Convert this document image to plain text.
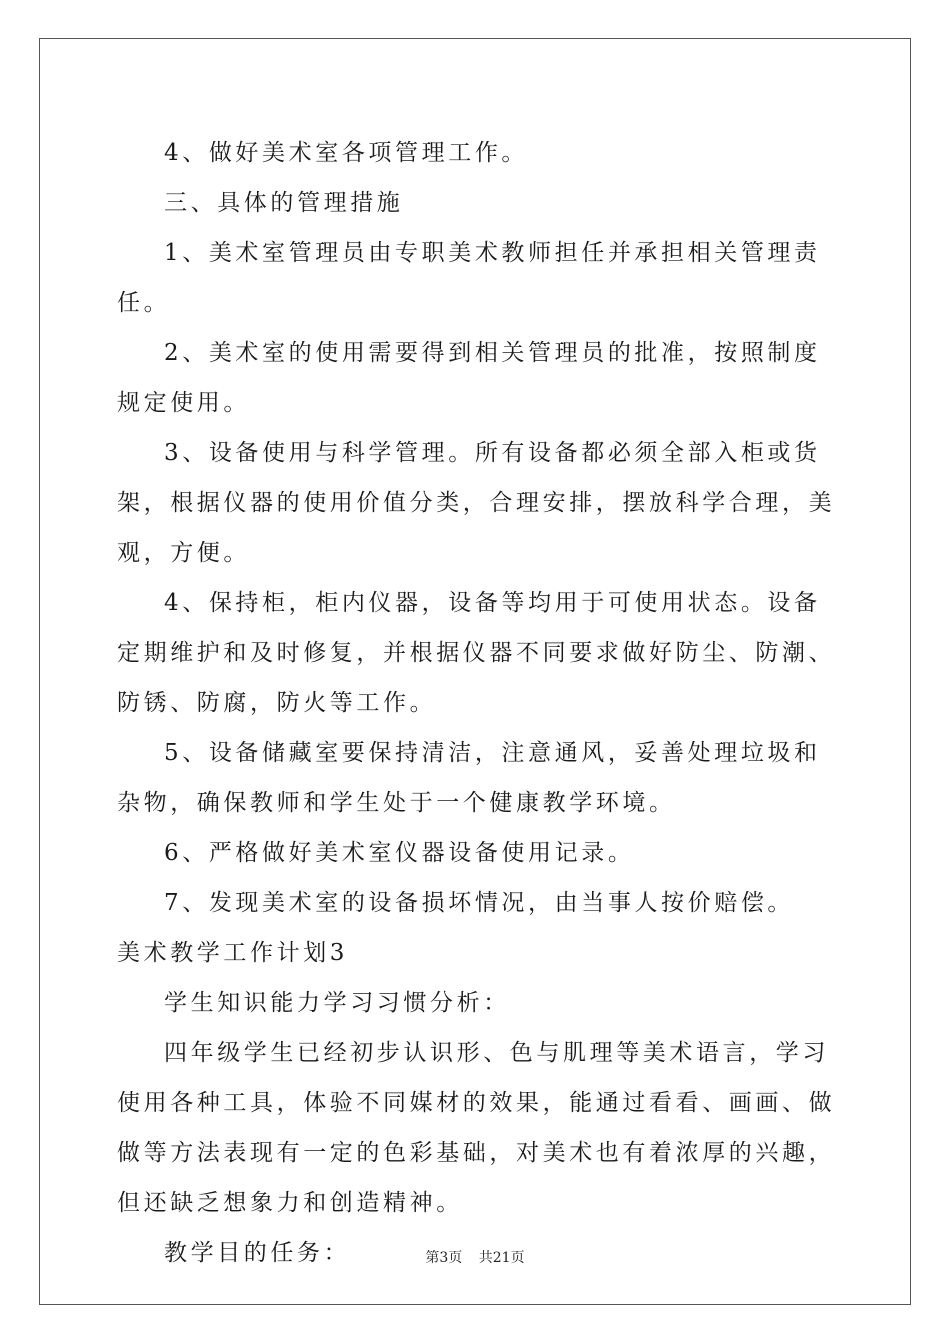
4、做好美术室各项管理工作。

三、具体的管理措施

1、美术室管理员由专职美术教师担任并承担相关管理责任。

2、美术室的使用需要得到相关管理员的批准，按照制度规定使用。

3、设备使用与科学管理。所有设备都必须全部入柜或货架，根据仪器的使用价值分类，合理安排，摆放科学合理，美观，方便。

4、保持柜，柜内仪器，设备等均用于可使用状态。设备定期维护和及时修复，并根据仪器不同要求做好防尘、防潮、防锈、防腐，防火等工作。

5、设备储藏室要保持清洁，注意通风，妥善处理垃圾和杂物，确保教师和学生处于一个健康教学环境。

6、严格做好美术室仪器设备使用记录。

7、发现美术室的设备损坏情况，由当事人按价赔偿。

美术教学工作计划3

学生知识能力学习习惯分析：

四年级学生已经初步认识形、色与肌理等美术语言，学习使用各种工具，体验不同媒材的效果，能通过看看、画画、做做等方法表现有一定的色彩基础，对美术也有着浓厚的兴趣，但还缺乏想象力和创造精神。

教学目的任务：	第3页 共21页
